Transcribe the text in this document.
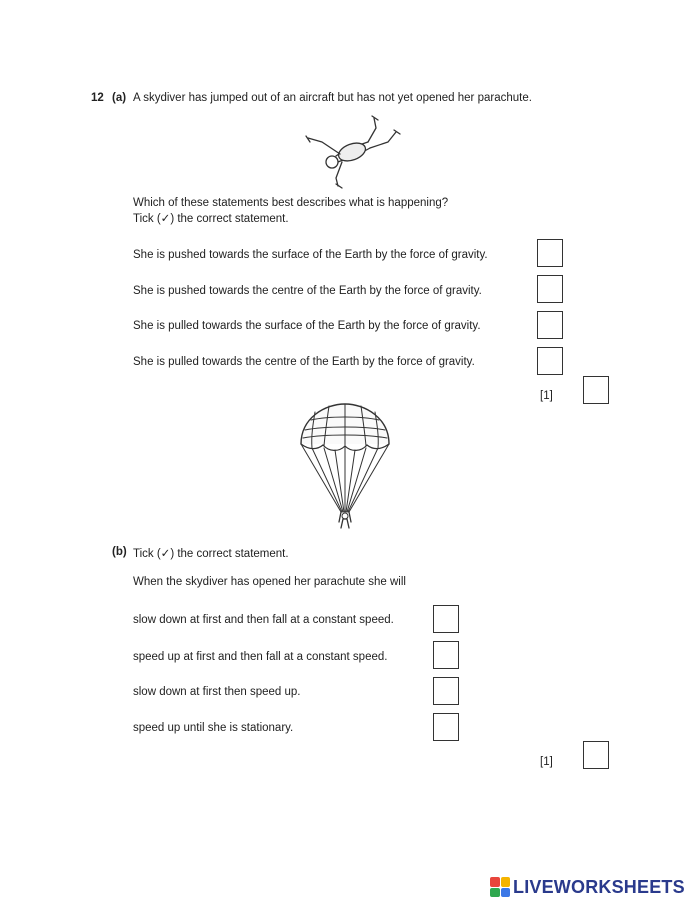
12 (a) A skydiver has jumped out of an aircraft but has not yet opened her parachute.
Which of these statements best describes what is happening?
Tick (✓) the correct statement.
She is pushed towards the surface of the Earth by the force of gravity.
She is pushed towards the centre of the Earth by the force of gravity.
She is pulled towards the surface of the Earth by the force of gravity.
She is pulled towards the centre of the Earth by the force of gravity.
[1]
(b) Tick (✓) the correct statement.
When the skydiver has opened her parachute she will
slow down at first and then fall at a constant speed.
speed up at first and then fall at a constant speed.
slow down at first then speed up.
speed up until she is stationary.
[1]
LIVEWORKSHEETS
